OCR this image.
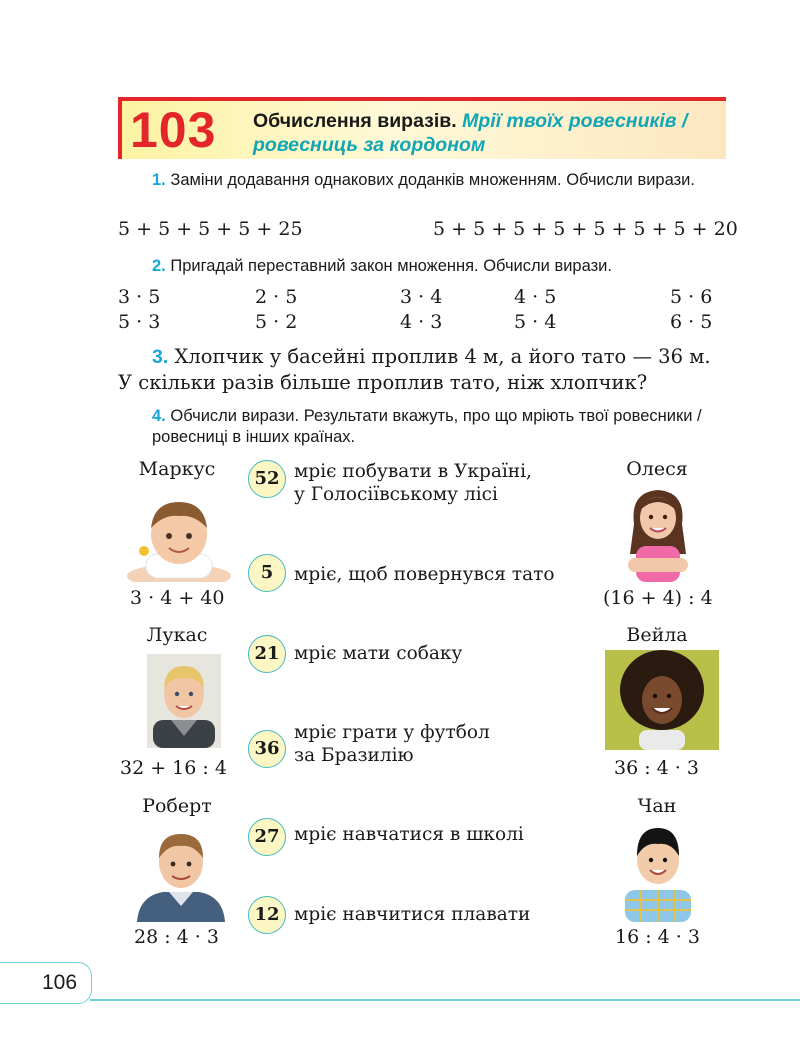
103 Обчислення виразів. Мрії твоїх ровесників / ровесниць за кордоном
1. Заміни додавання однакових доданків множенням. Обчисли вирази.
5 + 5 + 5 + 5 + 25	5 + 5 + 5 + 5 + 5 + 5 + 5 + 20
2. Пригадай переставний закон множення. Обчисли вирази.
3 · 5	2 · 5	3 · 4	4 · 5	5 · 6
5 · 3	5 · 2	4 · 3	5 · 4	6 · 5
3. Хлопчик у басейні проплив 4 м, а його тато — 36 м. У скільки разів більше проплив тато, ніж хлопчик?
4. Обчисли вирази. Результати вкажуть, про що мріють твої ровесники / ровесниці в інших країнах.
Маркус
3 · 4 + 40
Олеся
(16 + 4) : 4
Лукас
32 + 16 : 4
Вейла
36 : 4 · 3
Роберт
28 : 4 · 3
Чан
16 : 4 · 3
52 мріє побувати в Україні,
у Голосіївському лісі
5	мріє, щоб повернувся тато
21 мріє мати собаку
36
мріє грати у футбол
за Бразилію
27 мріє навчатися в школі
12 мріє навчитися плавати
106
